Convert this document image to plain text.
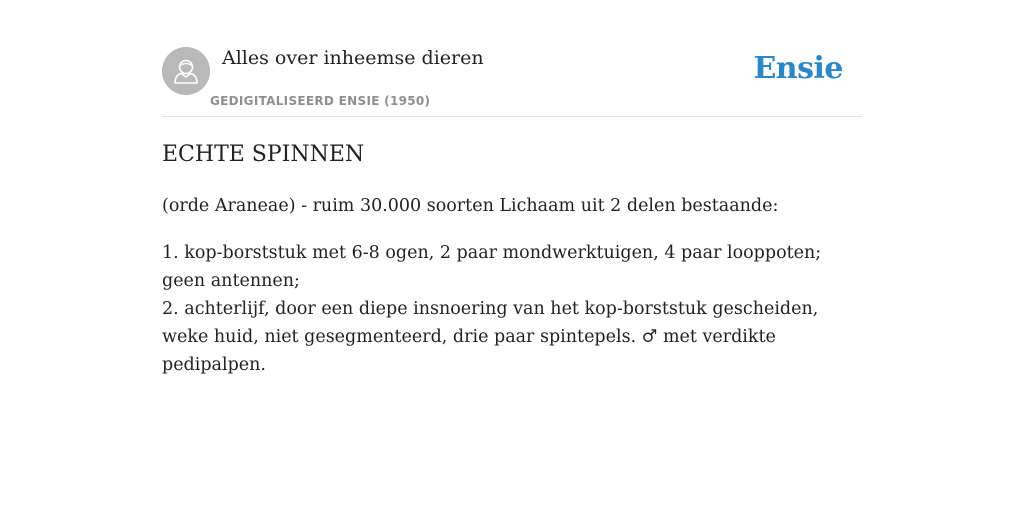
Alles over inheemse dieren
GEDIGITALISEERD ENSIE (1950)
Ensie
ECHTE SPINNEN

(orde Araneae) - ruim 30.000 soorten Lichaam uit 2 delen bestaande:

1. kop-borststuk met 6-8 ogen, 2 paar mondwerktuigen, 4 paar looppoten; geen antennen;
2. achterlijf, door een diepe insnoering van het kop-borststuk gescheiden, weke huid, niet gesegmenteerd, drie paar spintepels. ♂ met verdikte pedipalpen.
